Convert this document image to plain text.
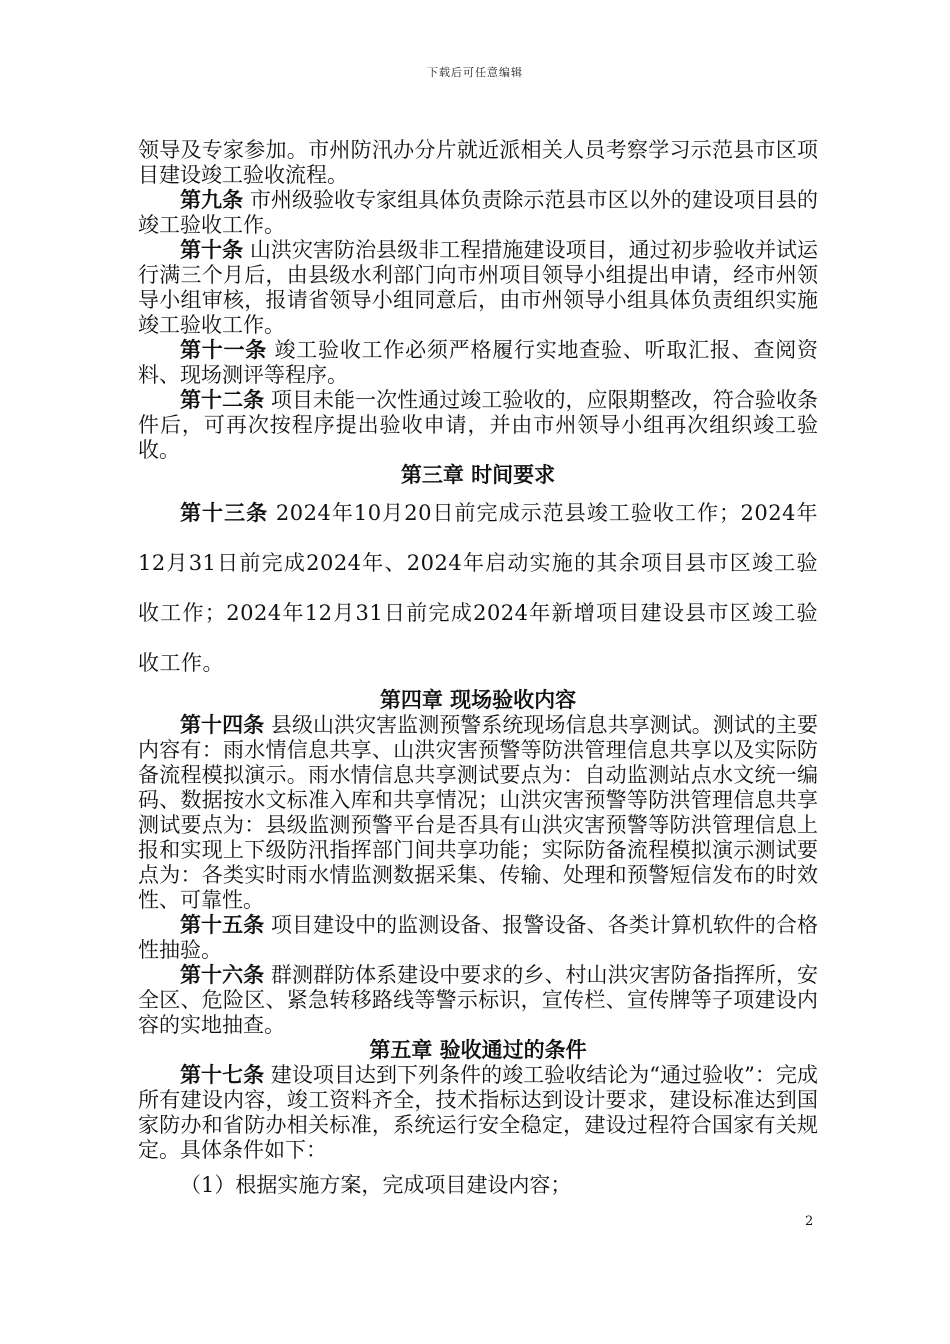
下载后可任意编辑

领导及专家参加。市州防汛办分片就近派相关人员考察学习示范县市区项目建设竣工验收流程。

第九条 市州级验收专家组具体负责除示范县市区以外的建设项目县的竣工验收工作。

第十条 山洪灾害防治县级非工程措施建设项目，通过初步验收并试运行满三个月后，由县级水利部门向市州项目领导小组提出申请，经市州领导小组审核，报请省领导小组同意后，由市州领导小组具体负责组织实施竣工验收工作。

第十一条 竣工验收工作必须严格履行实地查验、听取汇报、查阅资料、现场测评等程序。

第十二条 项目未能一次性通过竣工验收的，应限期整改，符合验收条件后，可再次按程序提出验收申请，并由市州领导小组再次组织竣工验收。

第三章 时间要求

第十三条 2024年10月20日前完成示范县竣工验收工作；2024年12月31日前完成2024年、2024年启动实施的其余项目县市区竣工验收工作；2024年12月31日前完成2024年新增项目建设县市区竣工验收工作。

第四章 现场验收内容

第十四条 县级山洪灾害监测预警系统现场信息共享测试。测试的主要内容有：雨水情信息共享、山洪灾害预警等防洪管理信息共享以及实际防备流程模拟演示。雨水情信息共享测试要点为：自动监测站点水文统一编码、数据按水文标准入库和共享情况；山洪灾害预警等防洪管理信息共享测试要点为：县级监测预警平台是否具有山洪灾害预警等防洪管理信息上报和实现上下级防汛指挥部门间共享功能；实际防备流程模拟演示测试要点为：各类实时雨水情监测数据采集、传输、处理和预警短信发布的时效性、可靠性。

第十五条 项目建设中的监测设备、报警设备、各类计算机软件的合格性抽验。

第十六条 群测群防体系建设中要求的乡、村山洪灾害防备指挥所，安全区、危险区、紧急转移路线等警示标识，宣传栏、宣传牌等子项建设内容的实地抽查。

第五章 验收通过的条件

第十七条 建设项目达到下列条件的竣工验收结论为“通过验收”：完成所有建设内容，竣工资料齐全，技术指标达到设计要求，建设标准达到国家防办和省防办相关标准，系统运行安全稳定，建设过程符合国家有关规定。具体条件如下：

（1）根据实施方案，完成项目建设内容；

2
